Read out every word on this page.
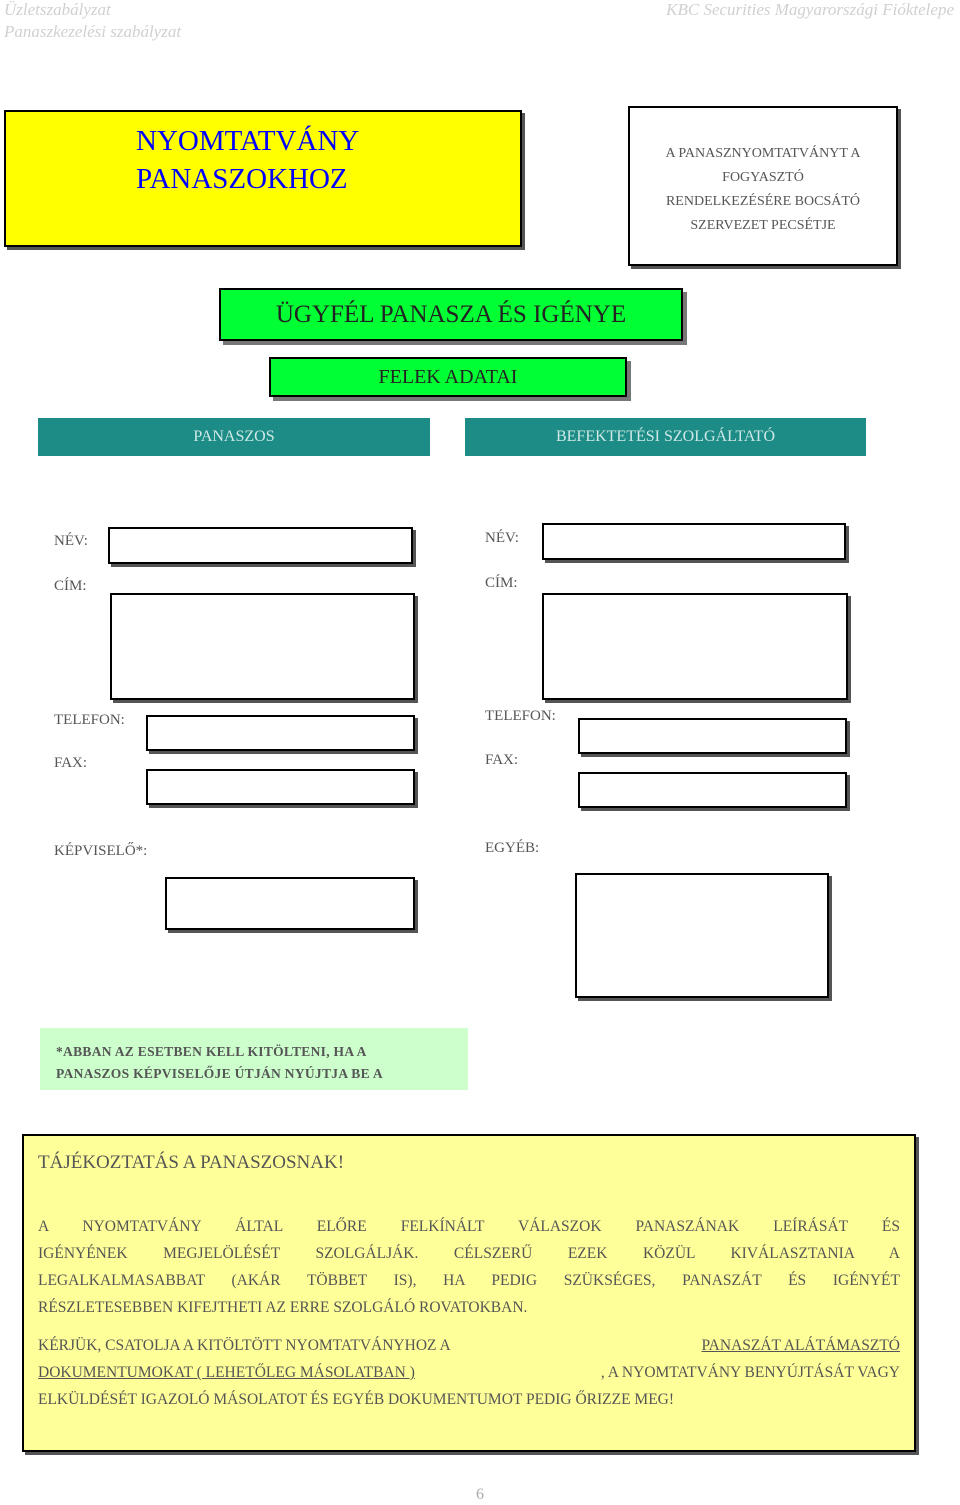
Üzletszabályzat
Panaszkezelési szabályzat
KBC Securities Magyarországi Fióktelepe
NYOMTATVÁNY
PANASZOKHOZ
A PANASZNYOMTATVÁNYT A
FOGYASZTÓ
RENDELKEZÉSÉRE BOCSÁTÓ
SZERVEZET PECSÉTJE
ÜGYFÉL PANASZA ÉS IGÉNYE
FELEK ADATAI
PANASZOS	BEFEKTETÉSI SZOLGÁLTATÓ
NÉV:
CÍM:
TELEFON:
FAX:
KÉPVISELŐ*:
NÉV:
CÍM:
TELEFON:
FAX:
EGYÉB:
*ABBAN AZ ESETBEN KELL KITÖLTENI, HA A
PANASZOS KÉPVISELŐJE ÚTJÁN NYÚJTJA BE A
TÁJÉKOZTATÁS A PANASZOSNAK!
A NYOMTATVÁNY ÁLTAL ELŐRE FELKÍNÁLT VÁLASZOK PANASZÁNAK LEÍRÁSÁT ÉS
IGÉNYÉNEK MEGJELÖLÉSÉT SZOLGÁLJÁK. CÉLSZERŰ EZEK KÖZÜL KIVÁLASZTANIA A
LEGALKALMASABBAT (AKÁR TÖBBET IS), HA PEDIG SZÜKSÉGES, PANASZÁT ÉS IGÉNYÉT
RÉSZLETESEBBEN KIFEJTHETI AZ ERRE SZOLGÁLÓ ROVATOKBAN.
KÉRJÜK, CSATOLJA A KITÖLTÖTT NYOMTATVÁNYHOZ A	PANASZÁT ALÁTÁMASZTÓ
DOKUMENTUMOKAT ( LEHETŐLEG MÁSOLATBAN )	, A NYOMTATVÁNY BENYÚJTÁSÁT VAGY
ELKÜLDÉSÉT IGAZOLÓ MÁSOLATOT ÉS EGYÉB DOKUMENTUMOT PEDIG ŐRIZZE MEG!
6
